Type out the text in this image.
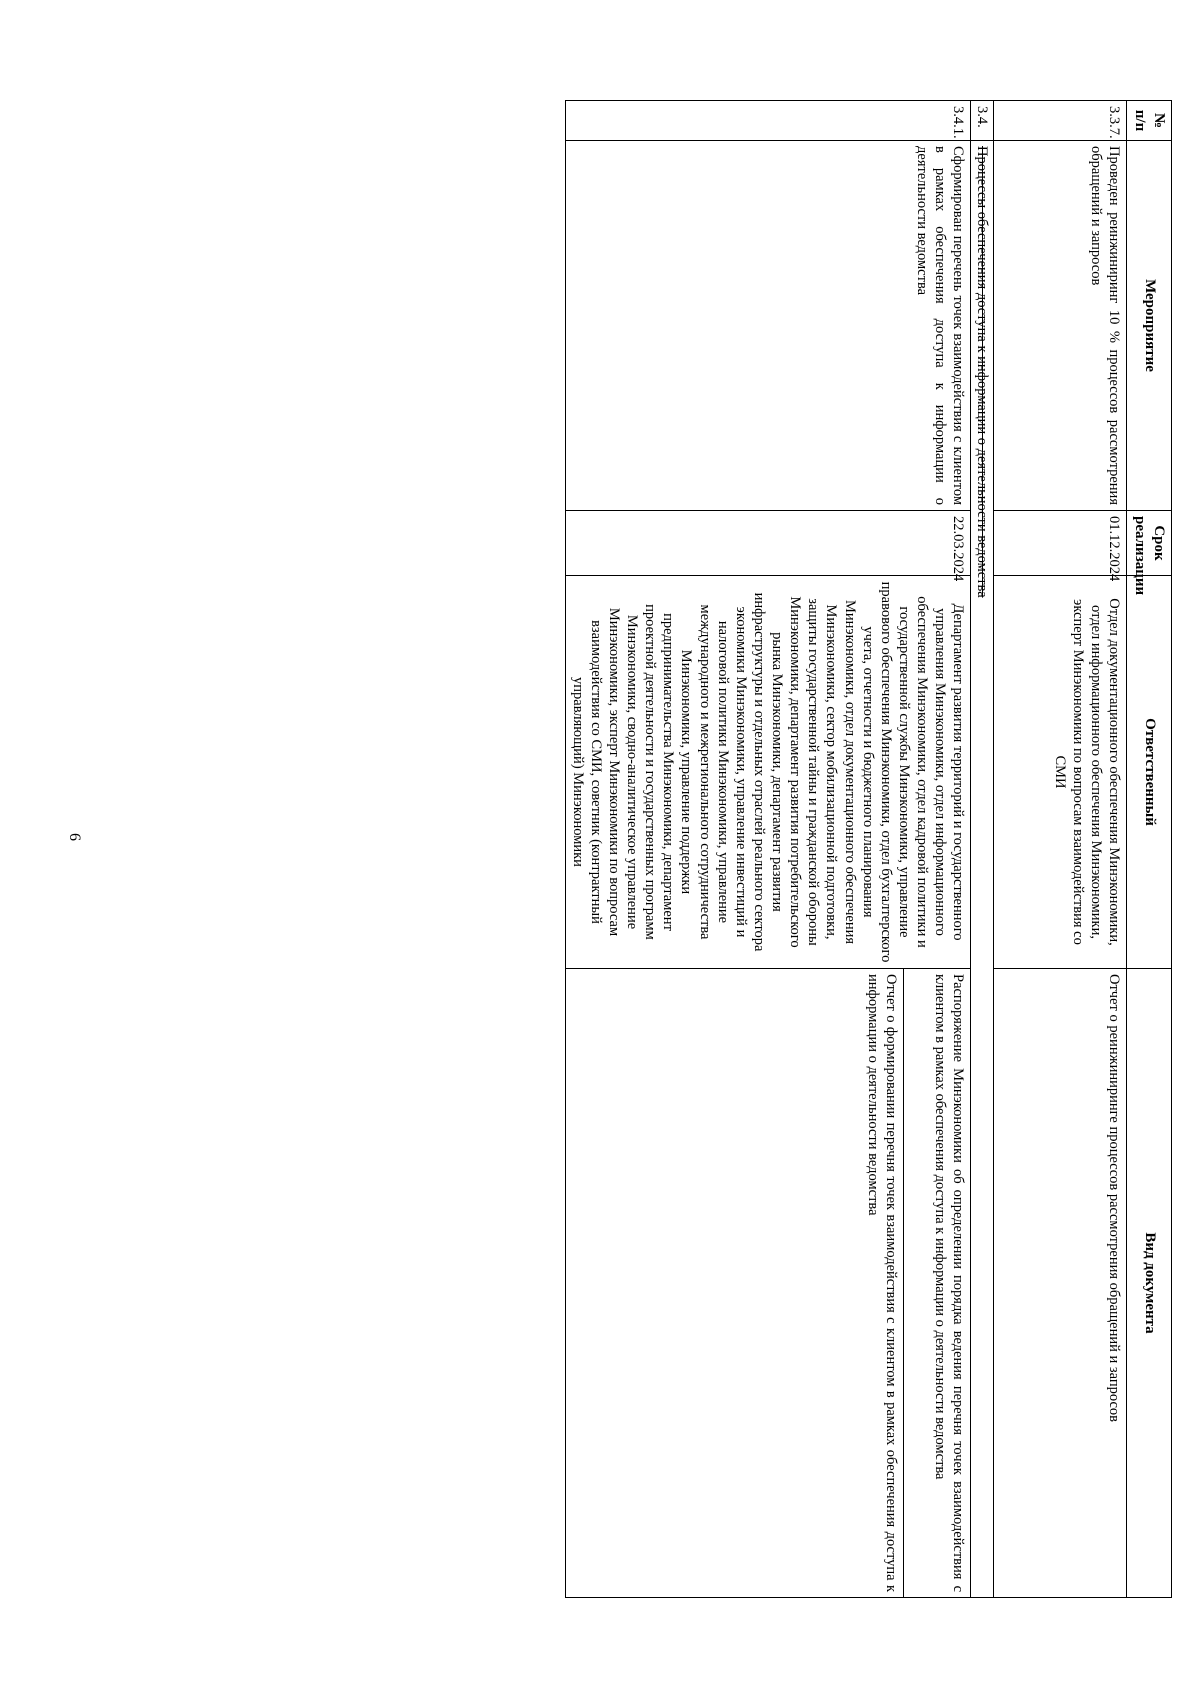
6
№ п/п	Мероприятие	Срок реализации	Ответственный	Вид документа
3.3.7.	Проведен реинжиниринг 10 % процессов рассмотрения обращений и запросов	01.12.2024	Отдел документационного обеспечения Минэкономики, отдел информационного обеспечения Минэкономики, эксперт Минэкономики по вопросам взаимодействия со СМИ	Отчет о реинжиниринге процессов рассмотрения обращений и запросов
3.4.	Процессы обеспечения доступа к информации о деятельности ведомства			
3.4.1.	Сформирован перечень точек взаимодействия с клиентом в рамках обеспечения доступа к информации о деятельности ведомства	22.03.2024	Департамент развития территорий и государственного управления Минэкономики, отдел информационного обеспечения Минэкономики, отдел кадровой политики и государственной службы Минэкономики, управление правового обеспечения Минэкономики, отдел бухгалтерского учета, отчетности и бюджетного планирования Минэкономики, отдел документационного обеспечения Минэкономики, сектор мобилизационной подготовки, защиты государственной тайны и гражданской обороны Минэкономики, департамент развития потребительского рынка Минэкономики, департамент развития инфраструктуры и отдельных отраслей реального сектора экономики Минэкономики, управление инвестиций и налоговой политики Минэкономики, управление международного и межрегионального сотрудничества Минэкономики, управление поддержки предпринимательства Минэкономики, департамент проектной деятельности и государственных программ Минэкономики, сводно-аналитическое управление Минэкономики, эксперт Минэкономики по вопросам взаимодействия со СМИ, советник (контрактный управляющий) Минэкономики	Распоряжение Минэкономики об определении порядка ведения перечня точек взаимодействия с клиентом в рамках обеспечения доступа к информации о деятельности ведомства
				Отчет о формировании перечня точек взаимодействия с клиентом в рамках обеспечения доступа к информации о деятельности ведомства
